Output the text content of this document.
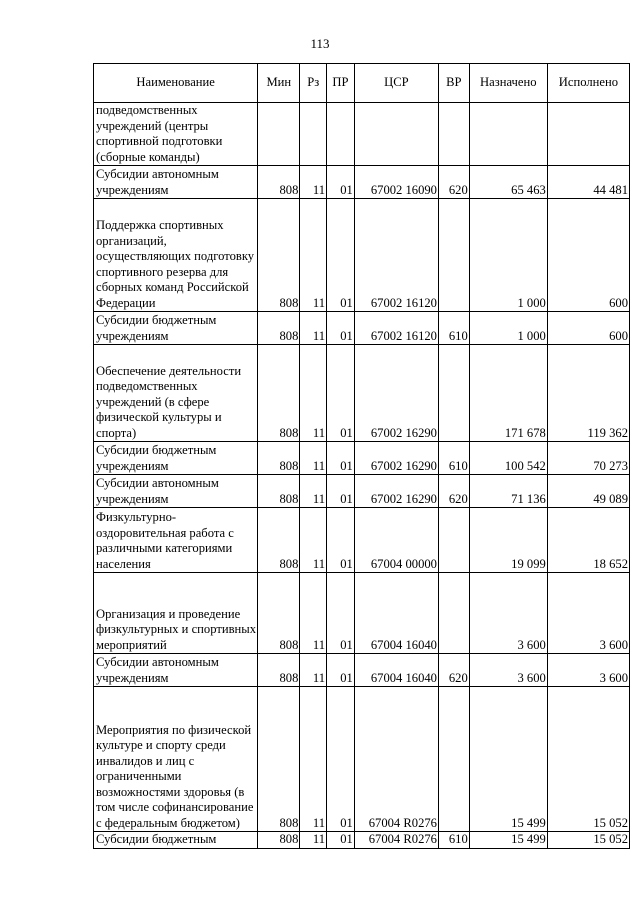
113
Наименование	Мин	Рз	ПР	ЦСР	ВР	Назначено	Исполнено
подведомственных учреждений (центры спортивной подготовки (сборные команды)							
Субсидии автономным учреждениям	808	11	01	67002 16090	620	65 463	44 481
Поддержка спортивных организаций, осуществляющих подготовку спортивного резерва для сборных команд Российской Федерации	808	11	01	67002 16120		1 000	600
Субсидии бюджетным учреждениям	808	11	01	67002 16120	610	1 000	600
Обеспечение деятельности подведомственных учреждений (в сфере физической культуры и спорта)	808	11	01	67002 16290		171 678	119 362
Субсидии бюджетным учреждениям	808	11	01	67002 16290	610	100 542	70 273
Субсидии автономным учреждениям	808	11	01	67002 16290	620	71 136	49 089
Физкультурно-оздоровительная работа с различными категориями населения	808	11	01	67004 00000		19 099	18 652
Организация и проведение физкультурных и спортивных мероприятий	808	11	01	67004 16040		3 600	3 600
Субсидии автономным учреждениям	808	11	01	67004 16040	620	3 600	3 600
Мероприятия по физической культуре и спорту среди инвалидов и лиц с ограниченными возможностями здоровья (в том числе софинансирование с федеральным бюджетом)	808	11	01	67004 R0276		15 499	15 052
Субсидии бюджетным	808	11	01	67004 R0276	610	15 499	15 052
